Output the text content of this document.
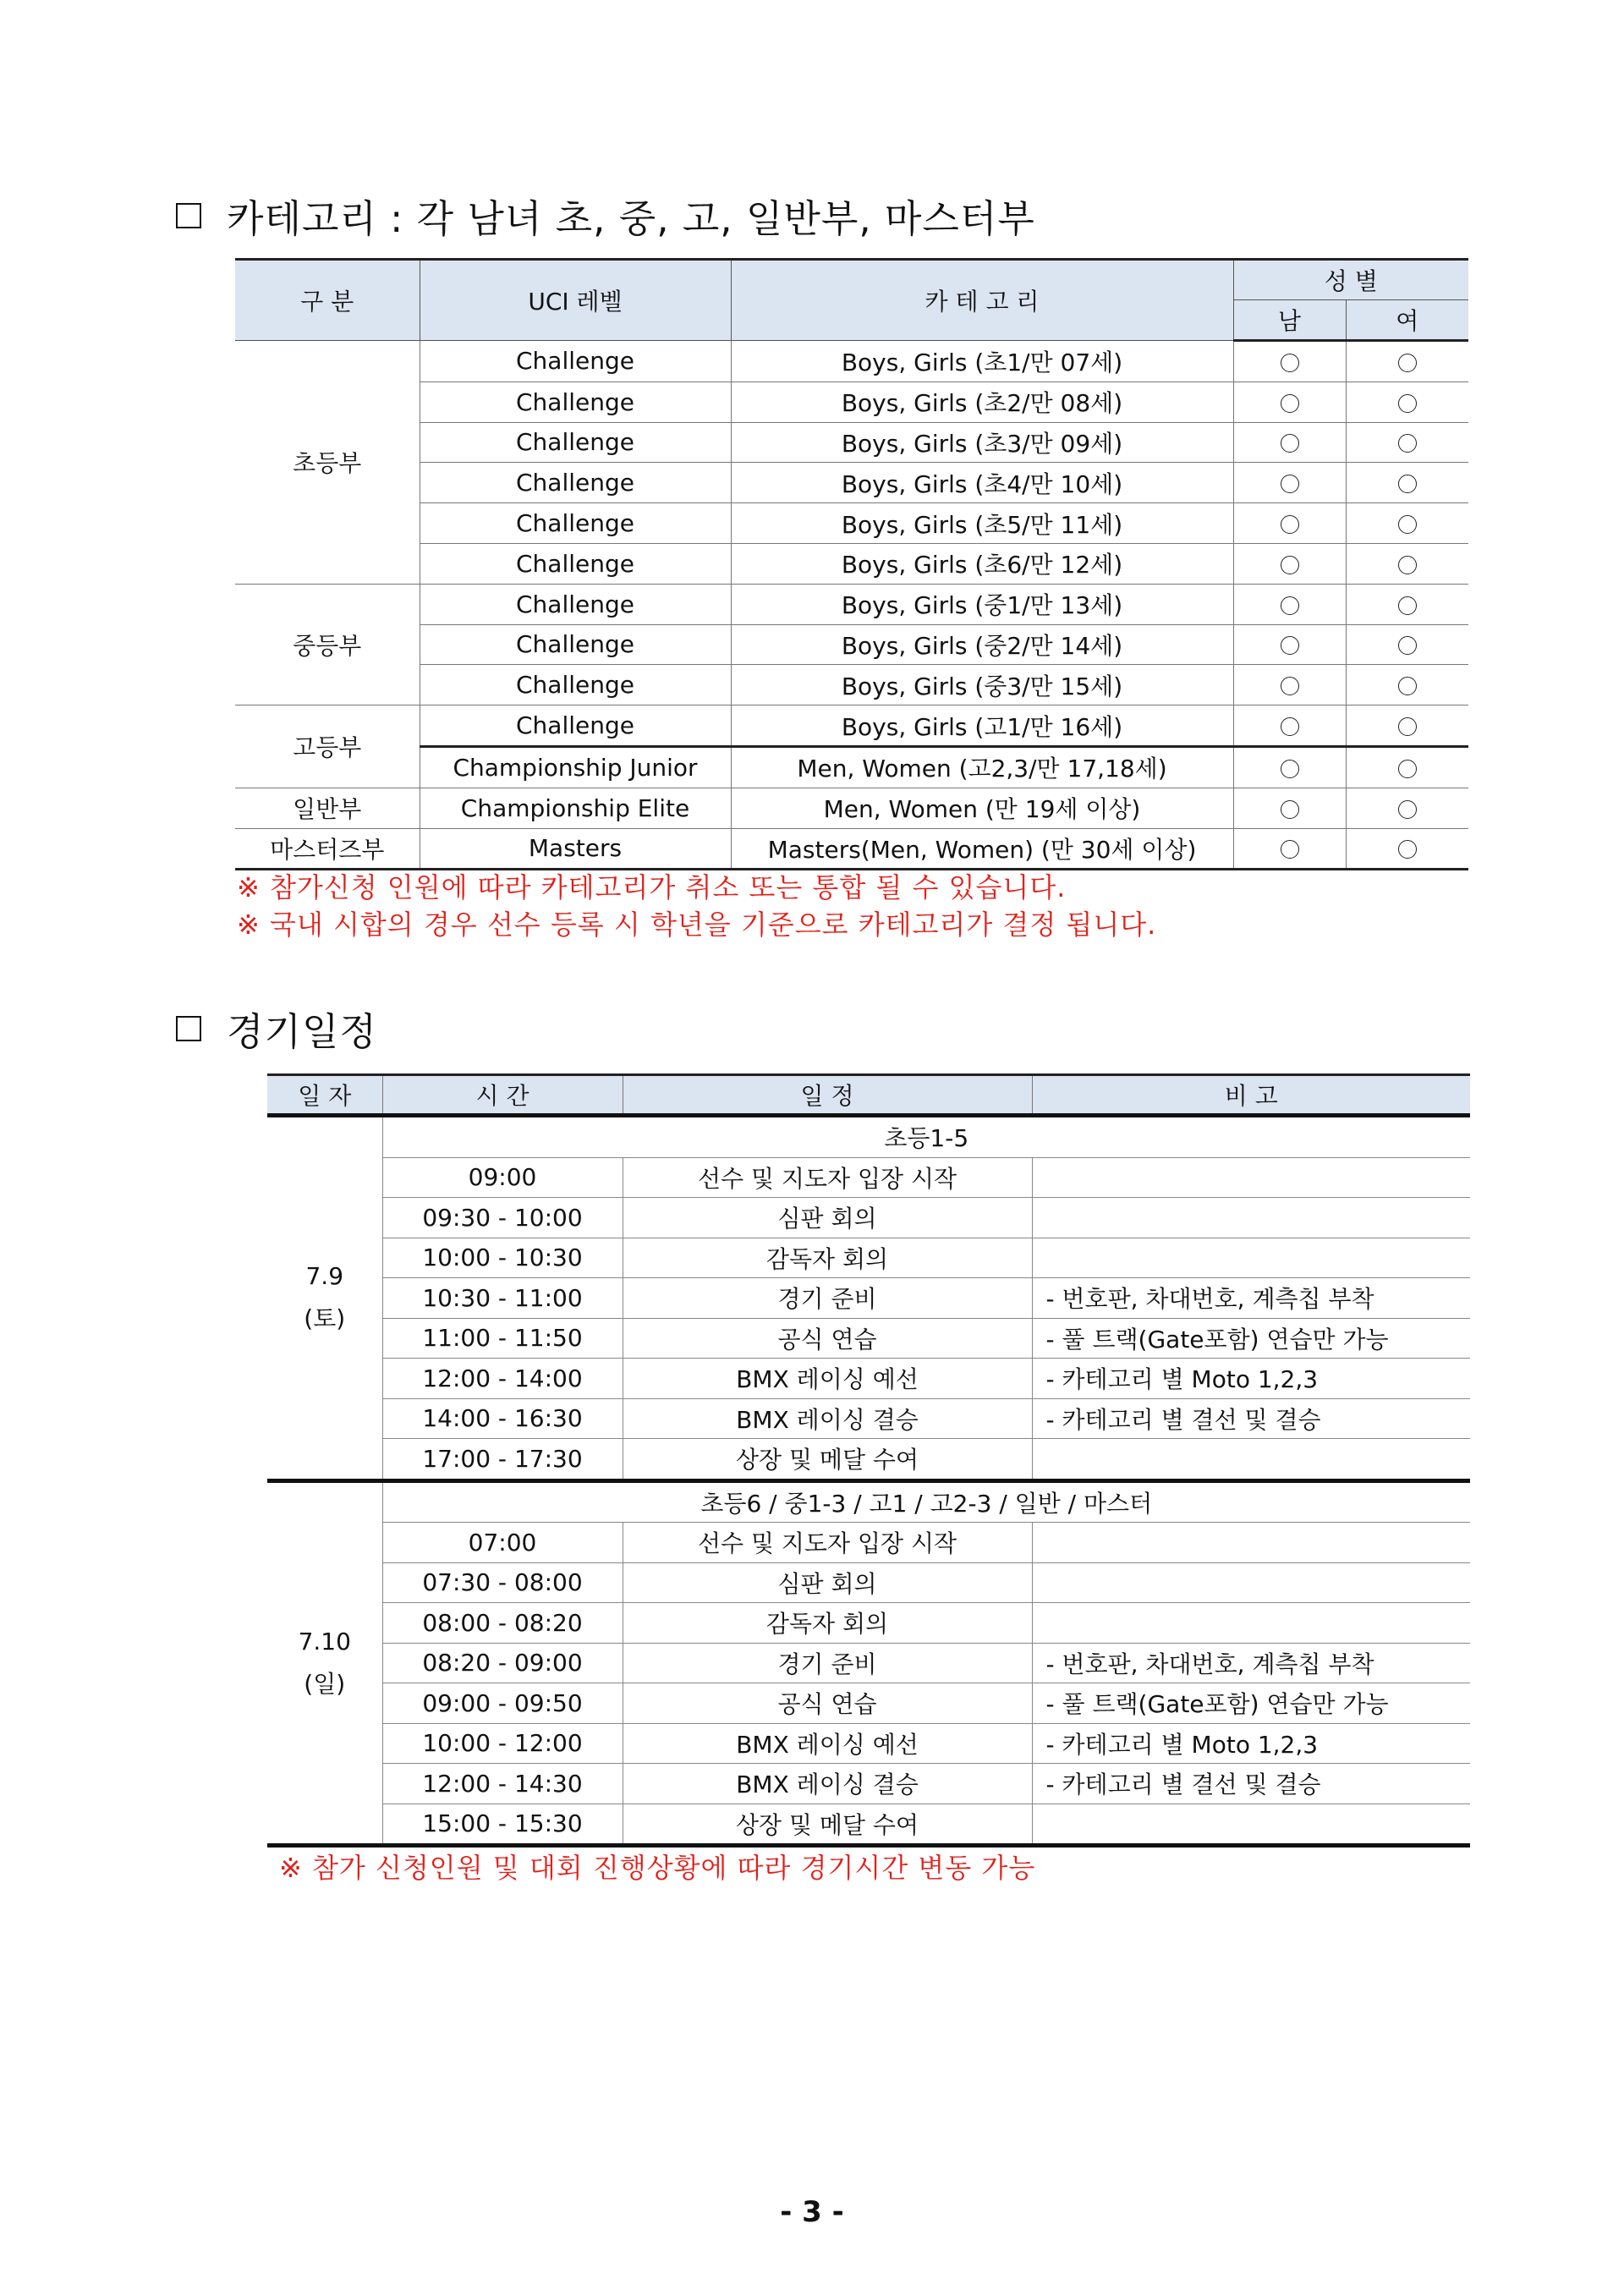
카테고리 : 각 남녀 초, 중, 고, 일반부, 마스터부
구 분	UCI 레벨	카 테 고 리	성 별	
			남	여
초등부	Challenge	Boys, Girls (초1/만 07세)		
	Challenge	Boys, Girls (초2/만 08세)		
	Challenge	Boys, Girls (초3/만 09세)		
	Challenge	Boys, Girls (초4/만 10세)		
	Challenge	Boys, Girls (초5/만 11세)		
	Challenge	Boys, Girls (초6/만 12세)		
중등부	Challenge	Boys, Girls (중1/만 13세)		
	Challenge	Boys, Girls (중2/만 14세)		
	Challenge	Boys, Girls (중3/만 15세)		
고등부	Challenge	Boys, Girls (고1/만 16세)		
	Championship Junior	Men, Women (고2,3/만 17,18세)		
일반부	Championship Elite	Men, Women (만 19세 이상)		
마스터즈부	Masters	Masters(Men, Women) (만 30세 이상)		
※ 참가신청 인원에 따라 카테고리가 취소 또는 통합 될 수 있습니다.
※ 국내 시합의 경우 선수 등록 시 학년을 기준으로 카테고리가 결정 됩니다.
경기일정
일 자	시 간	일 정	비 고

7.9
(토)	초등1-5		
	09:00	선수 및 지도자 입장 시작	
	09:30 - 10:00	심판 회의	
	10:00 - 10:30	감독자 회의	
	10:30 - 11:00	경기 준비	- 번호판, 차대번호, 계측칩 부착
	11:00 - 11:50	공식 연습	- 풀 트랙(Gate포함) 연습만 가능
	12:00 - 14:00	BMX 레이싱 예선	- 카테고리 별 Moto 1,2,3
	14:00 - 16:30	BMX 레이싱 결승	- 카테고리 별 결선 및 결승
	17:00 - 17:30	상장 및 메달 수여	

7.10
(일)	초등6 / 중1-3 / 고1 / 고2-3 / 일반 / 마스터		
	07:00	선수 및 지도자 입장 시작	
	07:30 - 08:00	심판 회의	
	08:00 - 08:20	감독자 회의	
	08:20 - 09:00	경기 준비	- 번호판, 차대번호, 계측칩 부착
	09:00 - 09:50	공식 연습	- 풀 트랙(Gate포함) 연습만 가능
	10:00 - 12:00	BMX 레이싱 예선	- 카테고리 별 Moto 1,2,3
	12:00 - 14:30	BMX 레이싱 결승	- 카테고리 별 결선 및 결승
	15:00 - 15:30	상장 및 메달 수여	
※ 참가 신청인원 및 대회 진행상황에 따라 경기시간 변동 가능
- 3 -
